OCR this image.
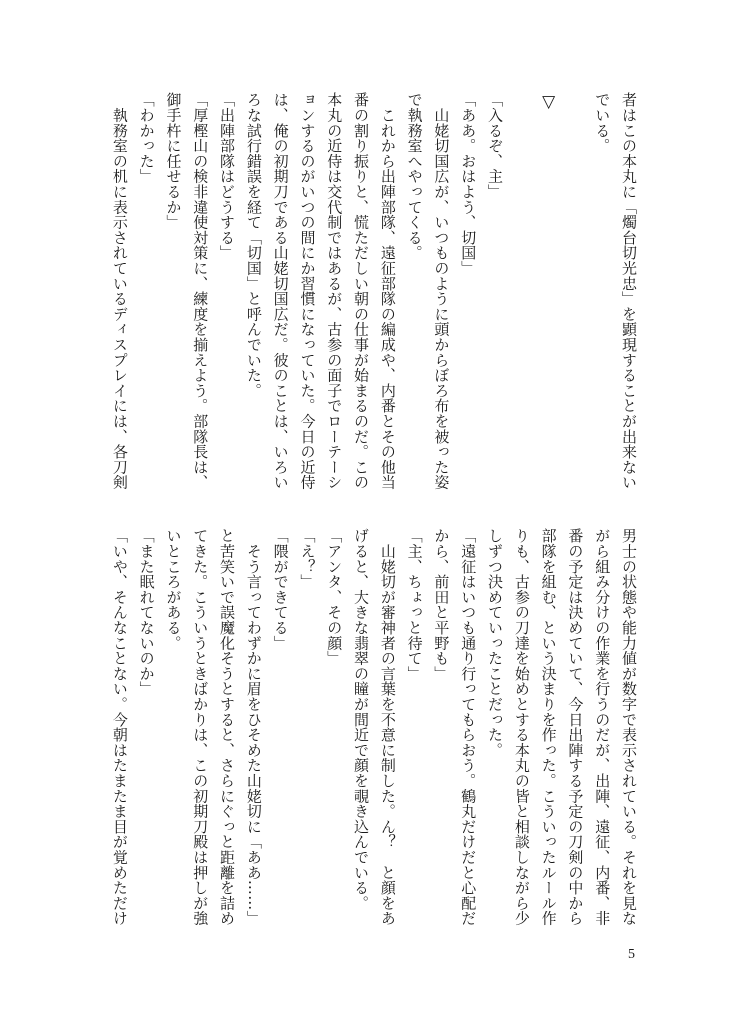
者はこの本丸に「燭台切光忠」を顕現することが出来ない
でいる。
▽
「入るぞ、主」
「ああ。おはよう、切国」
　山姥切国広が、いつものように頭からぼろ布を被った姿
で執務室へやってくる。
　これから出陣部隊、遠征部隊の編成や、内番とその他当
番の割り振りと、慌ただしい朝の仕事が始まるのだ。この
本丸の近侍は交代制ではあるが、古参の面子でローテーシ
ョンするのがいつの間にか習慣になっていた。今日の近侍
は、俺の初期刀である山姥切国広だ。彼のことは、いろい
ろな試行錯誤を経て「切国」と呼んでいた。
「出陣部隊はどうする」
「厚樫山の検非違使対策に、練度を揃えよう。部隊長は、
御手杵に任せるか」
「わかった」
　執務室の机に表示されているディスプレイには、各刀剣
男士の状態や能力値が数字で表示されている。それを見な
がら組み分けの作業を行うのだが、出陣、遠征、内番、非
番の予定は決めていて、今日出陣する予定の刀剣の中から
部隊を組む、という決まりを作った。こういったルール作
りも、古参の刀達を始めとする本丸の皆と相談しながら少
しずつ決めていったことだった。
「遠征はいつも通り行ってもらおう。鶴丸だけだと心配だ
から、前田と平野も」
「主、ちょっと待て」
　山姥切が審神者の言葉を不意に制した。ん？　と顔をあ
げると、大きな翡翠の瞳が間近で顔を覗き込んでいる。
「アンタ、その顔」
「え？」
「隈ができてる」
　そう言ってわずかに眉をひそめた山姥切に「ああ……」
と苦笑いで誤魔化そうとすると、さらにぐっと距離を詰め
てきた。こういうときばかりは、この初期刀殿は押しが強
いところがある。
「また眠れてないのか」
「いや、そんなことない。今朝はたまたま目が覚めただけ
5
